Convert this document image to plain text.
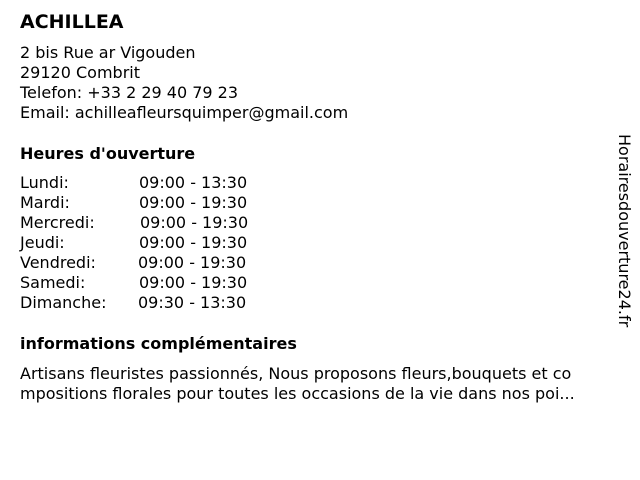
ACHILLEA
2 bis Rue ar Vigouden
29120 Combrit
Telefon: +33 2 29 40 79 23
Email: achilleafleursquimper@gmail.com
Heures d'ouverture
Lundi:	09:00 - 13:30
Mardi:	09:00 - 19:30
Mercredi:	09:00 - 19:30
Jeudi:	09:00 - 19:30
Vendredi:	09:00 - 19:30
Samedi:	09:00 - 19:30
Dimanche: 09:30 - 13:30
informations complémentaires
Artisans fleuristes passionnés, Nous proposons fleurs,bouquets et co
mpositions florales pour toutes les occasions de la vie dans nos poi...
Horairesdouverture24.fr
